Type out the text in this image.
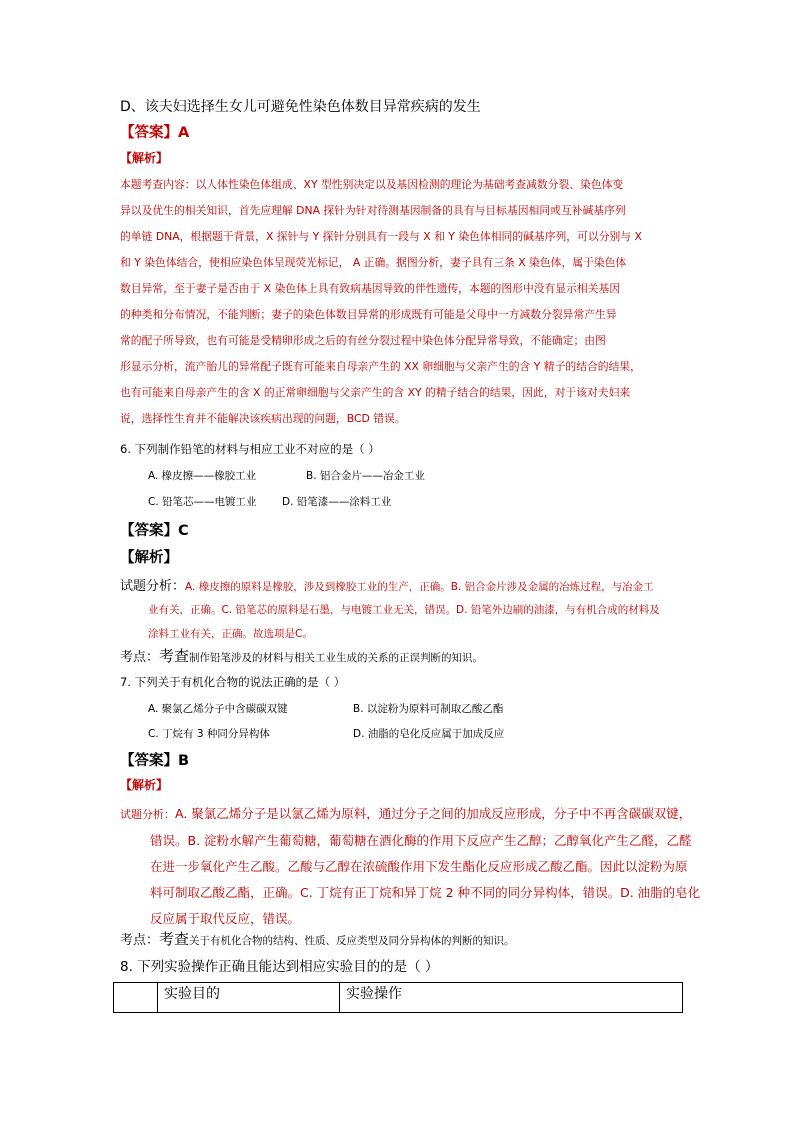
D、该夫妇选择生女儿可避免性染色体数目异常疾病的发生
【答案】A
【解析】
本题考查内容：以人体性染色体组成、XY 型性别决定以及基因检测的理论为基础考查减数分裂、染色体变
异以及优生的相关知识，首先应理解 DNA 探针为针对待测基因制备的具有与目标基因相同或互补碱基序列
的单链 DNA，根据题干背景，X 探针与 Y 探针分别具有一段与 X 和 Y 染色体相同的碱基序列，可以分别与 X
和 Y 染色体结合，使相应染色体呈现荧光标记， A 正确。据图分析，妻子具有三条 X 染色体，属于染色体
数目异常，至于妻子是否由于 X 染色体上具有致病基因导致的伴性遗传，本题的图形中没有显示相关基因
的种类和分布情况，不能判断；妻子的染色体数目异常的形成既有可能是父母中一方减数分裂异常产生异
常的配子所导致，也有可能是受精卵形成之后的有丝分裂过程中染色体分配异常导致，不能确定；由图
形显示分析，流产胎儿的异常配子既有可能来自母亲产生的 XX 卵细胞与父亲产生的含 Y 精子的结合的结果，
也有可能来自母亲产生的含 X 的正常卵细胞与父亲产生的含 XY 的精子结合的结果，因此，对于该对夫妇来
说，选择性生育并不能解决该疾病出现的问题，BCD 错误。
6. 下列制作铅笔的材料与相应工业不对应的是（ ）
A. 橡皮擦——橡胶工业	B. 铝合金片——冶金工业
C. 铅笔芯——电镀工业 D. 铅笔漆——涂料工业
【答案】C
【解析】
试题分析：A. 橡皮擦的原料是橡胶，涉及到橡胶工业的生产，正确。B. 铝合金片涉及金属的冶炼过程，与冶金工
业有关，正确。C. 铅笔芯的原料是石墨，与电镀工业无关，错误。D. 铅笔外边刷的油漆，与有机合成的材料及
涂料工业有关，正确。故选项是C。
考点：考查制作铅笔涉及的材料与相关工业生成的关系的正误判断的知识。
7. 下列关于有机化合物的说法正确的是（ ）
A. 聚氯乙烯分子中含碳碳双键	B. 以淀粉为原料可制取乙酸乙酯
C. 丁烷有 3 种同分异构体	D. 油脂的皂化反应属于加成反应
【答案】B
【解析】
试题分析：A. 聚氯乙烯分子是以氯乙烯为原料，通过分子之间的加成反应形成，分子中不再含碳碳双键，
错误。B. 淀粉水解产生葡萄糖，葡萄糖在酒化酶的作用下反应产生乙醇；乙醇氧化产生乙醛，乙醛
在进一步氧化产生乙酸。乙酸与乙醇在浓硫酸作用下发生酯化反应形成乙酸乙酯。因此以淀粉为原
料可制取乙酸乙酯，正确。C. 丁烷有正丁烷和异丁烷 2 种不同的同分异构体，错误。D. 油脂的皂化
反应属于取代反应，错误。
考点：考查关于有机化合物的结构、性质、反应类型及同分异构体的判断的知识。
8. 下列实验操作正确且能达到相应实验目的的是（ ）
	实验目的	实验操作
